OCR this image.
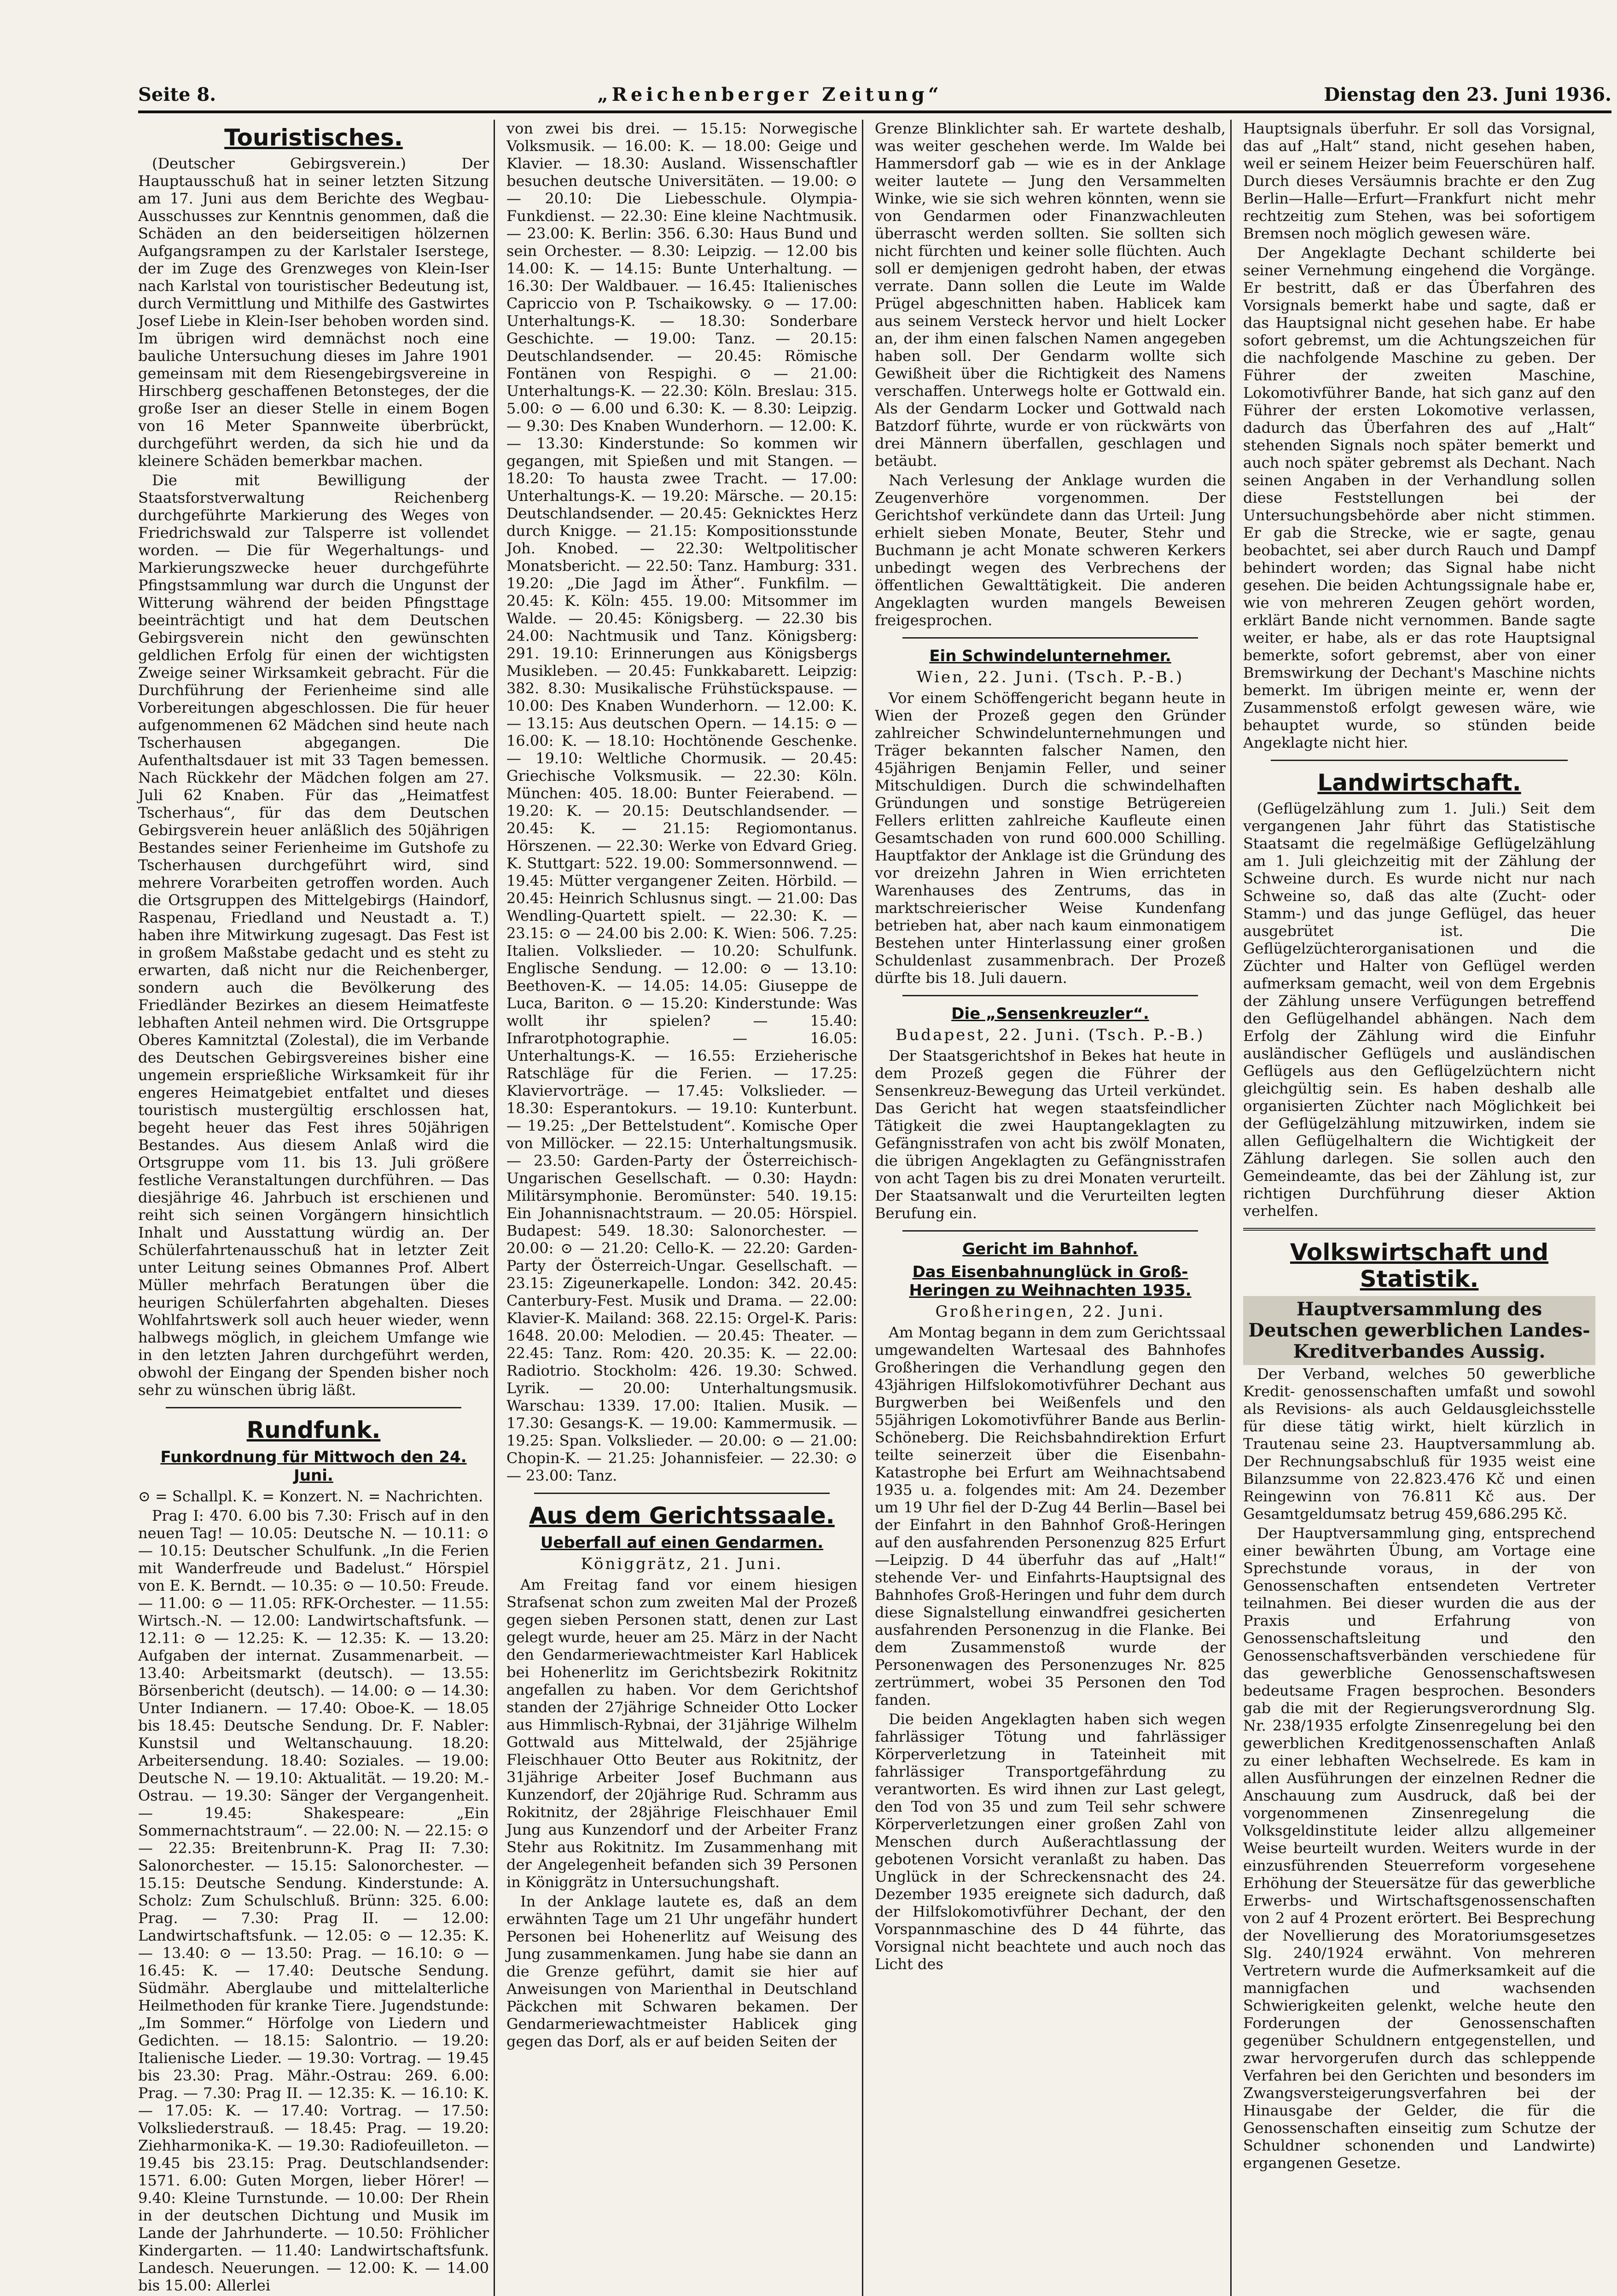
Seite 8.	„Reichenberger Zeitung“	Dienstag den 23. Juni 1936.
Touristisches.

(Deutscher Gebirgsverein.) Der Hauptausschuß hat in seiner letzten Sitzung am 17. Juni aus dem Berichte des Wegbau-Ausschusses zur Kenntnis genommen, daß die Schäden an den beiderseitigen hölzernen Aufgangsrampen zu der Karlstaler Iserstege, der im Zuge des Grenzweges von Klein-Iser nach Karlstal von touristischer Bedeutung ist, durch Vermittlung und Mithilfe des Gastwirtes Josef Liebe in Klein-Iser behoben worden sind. Im übrigen wird demnächst noch eine bauliche Untersuchung dieses im Jahre 1901 gemeinsam mit dem Riesengebirgsvereine in Hirschberg geschaffenen Betonsteges, der die große Iser an dieser Stelle in einem Bogen von 16 Meter Spannweite überbrückt, durchgeführt werden, da sich hie und da kleinere Schäden bemerkbar machen.

Die mit Bewilligung der Staatsforstverwaltung Reichenberg durchgeführte Markierung des Weges von Friedrichswald zur Talsperre ist vollendet worden. — Die für Wegerhaltungs- und Markierungszwecke heuer durchgeführte Pfingstsammlung war durch die Ungunst der Witterung während der beiden Pfingsttage beeinträchtigt und hat dem Deutschen Gebirgsverein nicht den gewünschten geldlichen Erfolg für einen der wichtigsten Zweige seiner Wirksamkeit gebracht. Für die Durchführung der Ferienheime sind alle Vorbereitungen abgeschlossen. Die für heuer aufgenommenen 62 Mädchen sind heute nach Tscherhausen abgegangen. Die Aufenthaltsdauer ist mit 33 Tagen bemessen. Nach Rückkehr der Mädchen folgen am 27. Juli 62 Knaben. Für das „Heimatfest Tscherhaus“, für das dem Deutschen Gebirgsverein heuer anläßlich des 50jährigen Bestandes seiner Ferienheime im Gutshofe zu Tscherhausen durchgeführt wird, sind mehrere Vorarbeiten getroffen worden. Auch die Ortsgruppen des Mittelgebirgs (Haindorf, Raspenau, Friedland und Neustadt a. T.) haben ihre Mitwirkung zugesagt. Das Fest ist in großem Maßstabe gedacht und es steht zu erwarten, daß nicht nur die Reichenberger, sondern auch die Bevölkerung des Friedländer Bezirkes an diesem Heimatfeste lebhaften Anteil nehmen wird. Die Ortsgruppe Oberes Kamnitztal (Zolestal), die im Verbande des Deutschen Gebirgsvereines bisher eine ungemein ersprießliche Wirksamkeit für ihr engeres Heimatgebiet entfaltet und dieses touristisch mustergültig erschlossen hat, begeht heuer das Fest ihres 50jährigen Bestandes. Aus diesem Anlaß wird die Ortsgruppe vom 11. bis 13. Juli größere festliche Veranstaltungen durchführen. — Das diesjährige 46. Jahrbuch ist erschienen und reiht sich seinen Vorgängern hinsichtlich Inhalt und Ausstattung würdig an. Der Schülerfahrtenausschuß hat in letzter Zeit unter Leitung seines Obmannes Prof. Albert Müller mehrfach Beratungen über die heurigen Schülerfahrten abgehalten. Dieses Wohlfahrtswerk soll auch heuer wieder, wenn halbwegs möglich, in gleichem Umfange wie in den letzten Jahren durchgeführt werden, obwohl der Eingang der Spenden bisher noch sehr zu wünschen übrig läßt.

Rundfunk.
Funkordnung für Mittwoch den 24. Juni.

⊙ = Schallpl. K. = Konzert. N. = Nachrichten.

Prag I: 470. 6.00 bis 7.30: Frisch auf in den neuen Tag! — 10.05: Deutsche N. — 10.11: ⊙ — 10.15: Deutscher Schulfunk. „In die Ferien mit Wanderfreude und Badelust.“ Hörspiel von E. K. Berndt. — 10.35: ⊙ — 10.50: Freude. — 11.00: ⊙ — 11.05: RFK-Orchester. — 11.55: Wirtsch.-N. — 12.00: Landwirtschaftsfunk. — 12.11: ⊙ — 12.25: K. — 12.35: K. — 13.20: Aufgaben der internat. Zusammenarbeit. — 13.40: Arbeitsmarkt (deutsch). — 13.55: Börsenbericht (deutsch). — 14.00: ⊙ — 14.30: Unter Indianern. — 17.40: Oboe-K. — 18.05 bis 18.45: Deutsche Sendung. Dr. F. Nabler: Kunstsil und Weltanschauung. 18.20: Arbeitersendung. 18.40: Soziales. — 19.00: Deutsche N. — 19.10: Aktualität. — 19.20: M.-Ostrau. — 19.30: Sänger der Vergangenheit. — 19.45: Shakespeare: „Ein Sommernachtstraum“. — 22.00: N. — 22.15: ⊙ — 22.35: Breitenbrunn-K. Prag II: 7.30: Salonorchester. — 15.15: Salonorchester. — 15.15: Deutsche Sendung. Kinderstunde: A. Scholz: Zum Schulschluß. Brünn: 325. 6.00: Prag. — 7.30: Prag II. — 12.00: Landwirtschaftsfunk. — 12.05: ⊙ — 12.35: K. — 13.40: ⊙ — 13.50: Prag. — 16.10: ⊙ — 16.45: K. — 17.40: Deutsche Sendung. Südmähr. Aberglaube und mittelalterliche Heilmethoden für kranke Tiere. Jugendstunde: „Im Sommer.“ Hörfolge von Liedern und Gedichten. — 18.15: Salontrio. — 19.20: Italienische Lieder. — 19.30: Vortrag. — 19.45 bis 23.30: Prag. Mähr.-Ostrau: 269. 6.00: Prag. — 7.30: Prag II. — 12.35: K. — 16.10: K. — 17.05: K. — 17.40: Vortrag. — 17.50: Volksliederstrauß. — 18.45: Prag. — 19.20: Ziehharmonika-K. — 19.30: Radiofeuilleton. — 19.45 bis 23.15: Prag. Deutschlandsender: 1571. 6.00: Guten Morgen, lieber Hörer! — 9.40: Kleine Turnstunde. — 10.00: Der Rhein in der deutschen Dichtung und Musik im Lande der Jahrhunderte. — 10.50: Fröhlicher Kindergarten. — 11.40: Landwirtschaftsfunk. Landesch. Neuerungen. — 12.00: K. — 14.00 bis 15.00: Allerlei

von zwei bis drei. — 15.15: Norwegische Volksmusik. — 16.00: K. — 18.00: Geige und Klavier. — 18.30: Ausland. Wissenschaftler besuchen deutsche Universitäten. — 19.00: ⊙ — 20.10: Die Liebesschule. Olympia-Funkdienst. — 22.30: Eine kleine Nachtmusik. — 23.00: K. Berlin: 356. 6.30: Haus Bund und sein Orchester. — 8.30: Leipzig. — 12.00 bis 14.00: K. — 14.15: Bunte Unterhaltung. — 16.30: Der Waldbauer. — 16.45: Italienisches Capriccio von P. Tschaikowsky. ⊙ — 17.00: Unterhaltungs-K. — 18.30: Sonderbare Geschichte. — 19.00: Tanz. — 20.15: Deutschlandsender. — 20.45: Römische Fontänen von Respighi. ⊙ — 21.00: Unterhaltungs-K. — 22.30: Köln. Breslau: 315. 5.00: ⊙ — 6.00 und 6.30: K. — 8.30: Leipzig. — 9.30: Des Knaben Wunderhorn. — 12.00: K. — 13.30: Kinderstunde: So kommen wir gegangen, mit Spießen und mit Stangen. — 18.20: To hausta zwee Tracht. — 17.00: Unterhaltungs-K. — 19.20: Märsche. — 20.15: Deutschlandsender. — 20.45: Geknicktes Herz durch Knigge. — 21.15: Kompositionsstunde Joh. Knobed. — 22.30: Weltpolitischer Monatsbericht. — 22.50: Tanz. Hamburg: 331. 19.20: „Die Jagd im Äther“. Funkfilm. — 20.45: K. Köln: 455. 19.00: Mitsommer im Walde. — 20.45: Königsberg. — 22.30 bis 24.00: Nachtmusik und Tanz. Königsberg: 291. 19.10: Erinnerungen aus Königsbergs Musikleben. — 20.45: Funkkabarett. Leipzig: 382. 8.30: Musikalische Frühstückspause. — 10.00: Des Knaben Wunderhorn. — 12.00: K. — 13.15: Aus deutschen Opern. — 14.15: ⊙ — 16.00: K. — 18.10: Hochtönende Geschenke. — 19.10: Weltliche Chormusik. — 20.45: Griechische Volksmusik. — 22.30: Köln. München: 405. 18.00: Bunter Feierabend. — 19.20: K. — 20.15: Deutschlandsender. — 20.45: K. — 21.15: Regiomontanus. Hörszenen. — 22.30: Werke von Edvard Grieg. K. Stuttgart: 522. 19.00: Sommersonnwend. — 19.45: Mütter vergangener Zeiten. Hörbild. — 20.45: Heinrich Schlusnus singt. — 21.00: Das Wendling-Quartett spielt. — 22.30: K. — 23.15: ⊙ — 24.00 bis 2.00: K. Wien: 506. 7.25: Italien. Volkslieder. — 10.20: Schulfunk. Englische Sendung. — 12.00: ⊙ — 13.10: Beethoven-K. — 14.05: 14.05: Giuseppe de Luca, Bariton. ⊙ — 15.20: Kinderstunde: Was wollt ihr spielen? — 15.40: Infrarotphotographie. — 16.05: Unterhaltungs-K. — 16.55: Erzieherische Ratschläge für die Ferien. — 17.25: Klaviervorträge. — 17.45: Volkslieder. — 18.30: Esperantokurs. — 19.10: Kunterbunt. — 19.25: „Der Bettelstudent“. Komische Oper von Millöcker. — 22.15: Unterhaltungsmusik. — 23.50: Garden-Party der Österreichisch-Ungarischen Gesellschaft. — 0.30: Haydn: Militärsymphonie. Beromünster: 540. 19.15: Ein Johannisnachtstraum. — 20.05: Hörspiel. Budapest: 549. 18.30: Salonorchester. — 20.00: ⊙ — 21.20: Cello-K. — 22.20: Garden-Party der Österreich-Ungar. Gesellschaft. — 23.15: Zigeunerkapelle. London: 342. 20.45: Canterbury-Fest. Musik und Drama. — 22.00: Klavier-K. Mailand: 368. 22.15: Orgel-K. Paris: 1648. 20.00: Melodien. — 20.45: Theater. — 22.45: Tanz. Rom: 420. 20.35: K. — 22.00: Radiotrio. Stockholm: 426. 19.30: Schwed. Lyrik. — 20.00: Unterhaltungsmusik. Warschau: 1339. 17.00: Italien. Musik. — 17.30: Gesangs-K. — 19.00: Kammermusik. — 19.25: Span. Volkslieder. — 20.00: ⊙ — 21.00: Chopin-K. — 21.25: Johannisfeier. — 22.30: ⊙ — 23.00: Tanz.

Aus dem Gerichtssaale.
Ueberfall auf einen Gendarmen.
Königgrätz, 21. Juni.

Am Freitag fand vor einem hiesigen Strafsenat schon zum zweiten Mal der Prozeß gegen sieben Personen statt, denen zur Last gelegt wurde, heuer am 25. März in der Nacht den Gendarmeriewachtmeister Karl Hablicek bei Hohenerlitz im Gerichtsbezirk Rokitnitz angefallen zu haben. Vor dem Gerichtshof standen der 27jährige Schneider Otto Locker aus Himmlisch-Rybnai, der 31jährige Wilhelm Gottwald aus Mittelwald, der 25jährige Fleischhauer Otto Beuter aus Rokitnitz, der 31jährige Arbeiter Josef Buchmann aus Kunzendorf, der 20jährige Rud. Schramm aus Rokitnitz, der 28jährige Fleischhauer Emil Jung aus Kunzendorf und der Arbeiter Franz Stehr aus Rokitnitz. Im Zusammenhang mit der Angelegenheit befanden sich 39 Personen in Königgrätz in Untersuchungshaft.

In der Anklage lautete es, daß an dem erwähnten Tage um 21 Uhr ungefähr hundert Personen bei Hohenerlitz auf Weisung des Jung zusammenkamen. Jung habe sie dann an die Grenze geführt, damit sie hier auf Anweisungen von Marienthal in Deutschland Päckchen mit Schwaren bekamen. Der Gendarmeriewachtmeister Hablicek ging gegen das Dorf, als er auf beiden Seiten der

Grenze Blinklichter sah. Er wartete deshalb, was weiter geschehen werde. Im Walde bei Hammersdorf gab — wie es in der Anklage weiter lautete — Jung den Versammelten Winke, wie sie sich wehren könnten, wenn sie von Gendarmen oder Finanzwachleuten überrascht werden sollten. Sie sollten sich nicht fürchten und keiner solle flüchten. Auch soll er demjenigen gedroht haben, der etwas verrate. Dann sollen die Leute im Walde Prügel abgeschnitten haben. Hablicek kam aus seinem Versteck hervor und hielt Locker an, der ihm einen falschen Namen angegeben haben soll. Der Gendarm wollte sich Gewißheit über die Richtigkeit des Namens verschaffen. Unterwegs holte er Gottwald ein. Als der Gendarm Locker und Gottwald nach Batzdorf führte, wurde er von rückwärts von drei Männern überfallen, geschlagen und betäubt.

Nach Verlesung der Anklage wurden die Zeugenverhöre vorgenommen. Der Gerichtshof verkündete dann das Urteil: Jung erhielt sieben Monate, Beuter, Stehr und Buchmann je acht Monate schweren Kerkers unbedingt wegen des Verbrechens der öffentlichen Gewalttätigkeit. Die anderen Angeklagten wurden mangels Beweisen freigesprochen.

Ein Schwindelunternehmer.
Wien, 22. Juni. (Tsch. P.-B.)

Vor einem Schöffengericht begann heute in Wien der Prozeß gegen den Gründer zahlreicher Schwindelunternehmungen und Träger bekannten falscher Namen, den 45jährigen Benjamin Feller, und seiner Mitschuldigen. Durch die schwindelhaften Gründungen und sonstige Betrügereien Fellers erlitten zahlreiche Kaufleute einen Gesamtschaden von rund 600.000 Schilling. Hauptfaktor der Anklage ist die Gründung des vor dreizehn Jahren in Wien errichteten Warenhauses des Zentrums, das in marktschreierischer Weise Kundenfang betrieben hat, aber nach kaum einmonatigem Bestehen unter Hinterlassung einer großen Schuldenlast zusammenbrach. Der Prozeß dürfte bis 18. Juli dauern.

Die „Sensenkreuzler“.
Budapest, 22. Juni. (Tsch. P.-B.)

Der Staatsgerichtshof in Bekes hat heute in dem Prozeß gegen die Führer der Sensenkreuz-Bewegung das Urteil verkündet. Das Gericht hat wegen staatsfeindlicher Tätigkeit die zwei Hauptangeklagten zu Gefängnisstrafen von acht bis zwölf Monaten, die übrigen Angeklagten zu Gefängnisstrafen von acht Tagen bis zu drei Monaten verurteilt. Der Staatsanwalt und die Verurteilten legten Berufung ein.

Gericht im Bahnhof.
Das Eisenbahnunglück in Groß-Heringen zu Weihnachten 1935.
Großheringen, 22. Juni.

Am Montag begann in dem zum Gerichtssaal umgewandelten Wartesaal des Bahnhofes Großheringen die Verhandlung gegen den 43jährigen Hilfslokomotivführer Dechant aus Burgwerben bei Weißenfels und den 55jährigen Lokomotivführer Bande aus Berlin-Schöneberg. Die Reichsbahndirektion Erfurt teilte seinerzeit über die Eisenbahn-Katastrophe bei Erfurt am Weihnachtsabend 1935 u. a. folgendes mit: Am 24. Dezember um 19 Uhr fiel der D-Zug 44 Berlin—Basel bei der Einfahrt in den Bahnhof Groß-Heringen auf den ausfahrenden Personenzug 825 Erfurt—Leipzig. D 44 überfuhr das auf „Halt!“ stehende Ver- und Einfahrts-Hauptsignal des Bahnhofes Groß-Heringen und fuhr dem durch diese Signalstellung einwandfrei gesicherten ausfahrenden Personenzug in die Flanke. Bei dem Zusammenstoß wurde der Personenwagen des Personenzuges Nr. 825 zertrümmert, wobei 35 Personen den Tod fanden.

Die beiden Angeklagten haben sich wegen fahrlässiger Tötung und fahrlässiger Körperverletzung in Tateinheit mit fahrlässiger Transportgefährdung zu verantworten. Es wird ihnen zur Last gelegt, den Tod von 35 und zum Teil sehr schwere Körperverletzungen einer großen Zahl von Menschen durch Außerachtlassung der gebotenen Vorsicht veranlaßt zu haben. Das Unglück in der Schreckensnacht des 24. Dezember 1935 ereignete sich dadurch, daß der Hilfslokomotivführer Dechant, der den Vorspannmaschine des D 44 führte, das Vorsignal nicht beachtete und auch noch das Licht des

Hauptsignals überfuhr. Er soll das Vorsignal, das auf „Halt“ stand, nicht gesehen haben, weil er seinem Heizer beim Feuerschüren half. Durch dieses Versäumnis brachte er den Zug Berlin—Halle—Erfurt—Frankfurt nicht mehr rechtzeitig zum Stehen, was bei sofortigem Bremsen noch möglich gewesen wäre.

Der Angeklagte Dechant schilderte bei seiner Vernehmung eingehend die Vorgänge. Er bestritt, daß er das Überfahren des Vorsignals bemerkt habe und sagte, daß er das Hauptsignal nicht gesehen habe. Er habe sofort gebremst, um die Achtungszeichen für die nachfolgende Maschine zu geben. Der Führer der zweiten Maschine, Lokomotivführer Bande, hat sich ganz auf den Führer der ersten Lokomotive verlassen, dadurch das Überfahren des auf „Halt“ stehenden Signals noch später bemerkt und auch noch später gebremst als Dechant. Nach seinen Angaben in der Verhandlung sollen diese Feststellungen bei der Untersuchungsbehörde aber nicht stimmen. Er gab die Strecke, wie er sagte, genau beobachtet, sei aber durch Rauch und Dampf behindert worden; das Signal habe nicht gesehen. Die beiden Achtungssignale habe er, wie von mehreren Zeugen gehört worden, erklärt Bande nicht vernommen. Bande sagte weiter, er habe, als er das rote Hauptsignal bemerkte, sofort gebremst, aber von einer Bremswirkung der Dechant's Maschine nichts bemerkt. Im übrigen meinte er, wenn der Zusammenstoß erfolgt gewesen wäre, wie behauptet wurde, so stünden beide Angeklagte nicht hier.

Landwirtschaft.

(Geflügelzählung zum 1. Juli.) Seit dem vergangenen Jahr führt das Statistische Staatsamt die regelmäßige Geflügelzählung am 1. Juli gleichzeitig mit der Zählung der Schweine durch. Es wurde nicht nur nach Schweine so, daß das alte (Zucht- oder Stamm-) und das junge Geflügel, das heuer ausgebrütet ist. Die Geflügelzüchterorganisationen und die Züchter und Halter von Geflügel werden aufmerksam gemacht, weil von dem Ergebnis der Zählung unsere Verfügungen betreffend den Geflügelhandel abhängen. Nach dem Erfolg der Zählung wird die Einfuhr ausländischer Geflügels und ausländischen Geflügels aus den Geflügelzüchtern nicht gleichgültig sein. Es haben deshalb alle organisierten Züchter nach Möglichkeit bei der Geflügelzählung mitzuwirken, indem sie allen Geflügelhaltern die Wichtigkeit der Zählung darlegen. Sie sollen auch den Gemeindeamte, das bei der Zählung ist, zur richtigen Durchführung dieser Aktion verhelfen.

Volkswirtschaft und Statistik.
Hauptversammlung des Deutschen gewerblichen Landes-Kreditverbandes Aussig.

Der Verband, welches 50 gewerbliche Kredit- genossenschaften umfaßt und sowohl als Revisions- als auch Geldausgleichsstelle für diese tätig wirkt, hielt kürzlich in Trautenau seine 23. Hauptversammlung ab. Der Rechnungsabschluß für 1935 weist eine Bilanzsumme von 22.823.476 Kč und einen Reingewinn von 76.811 Kč aus. Der Gesamtgeldumsatz betrug 459,686.295 Kč.

Der Hauptversammlung ging, entsprechend einer bewährten Übung, am Vortage eine Sprechstunde voraus, in der von Genossenschaften entsendeten Vertreter teilnahmen. Bei dieser wurden die aus der Praxis und Erfahrung von Genossenschaftsleitung und den Genossenschaftsverbänden verschiedene für das gewerbliche Genossenschaftswesen bedeutsame Fragen besprochen. Besonders gab die mit der Regierungsverordnung Slg. Nr. 238/1935 erfolgte Zinsenregelung bei den gewerblichen Kreditgenossenschaften Anlaß zu einer lebhaften Wechselrede. Es kam in allen Ausführungen der einzelnen Redner die Anschauung zum Ausdruck, daß bei der vorgenommenen Zinsenregelung die Volksgeldinstitute leider allzu allgemeiner Weise beurteilt wurden. Weiters wurde in der einzusführenden Steuerreform vorgesehene Erhöhung der Steuersätze für das gewerbliche Erwerbs- und Wirtschaftsgenossenschaften von 2 auf 4 Prozent erörtert. Bei Besprechung der Novellierung des Moratoriumsgesetzes Slg. 240/1924 erwähnt. Von mehreren Vertretern wurde die Aufmerksamkeit auf die mannigfachen und wachsenden Schwierigkeiten gelenkt, welche heute den Forderungen der Genossenschaften gegenüber Schuldnern entgegenstellen, und zwar hervorgerufen durch das schleppende Verfahren bei den Gerichten und besonders im Zwangsversteigerungsverfahren bei der Hinausgabe der Gelder, die für die Genossenschaften einseitig zum Schutze der Schuldner schonenden und Landwirte) ergangenen Gesetze.
